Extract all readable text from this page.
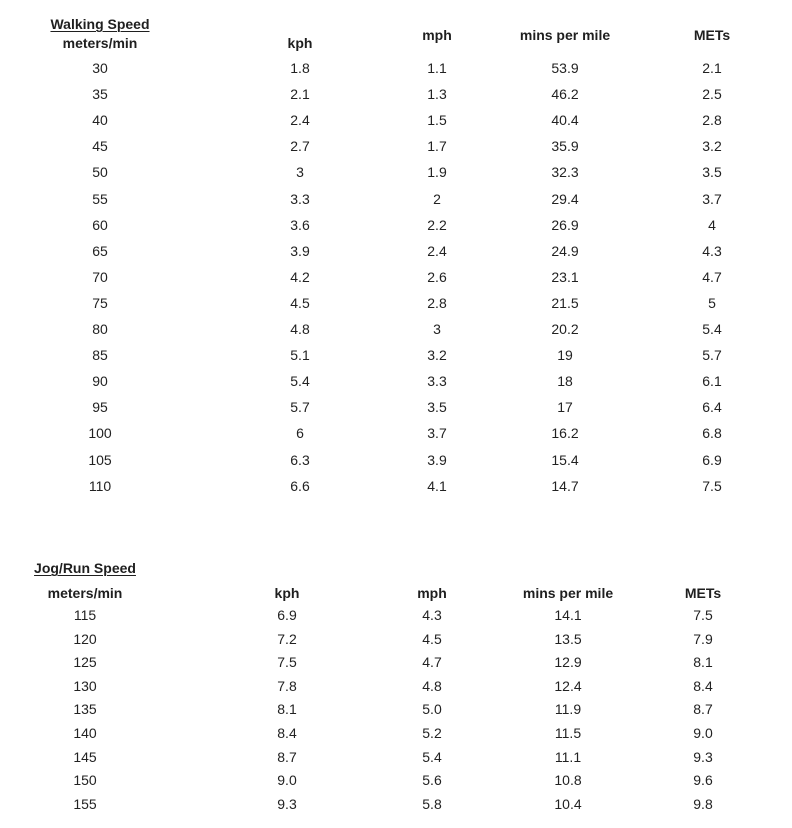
Walking Speed
meters/min	kph	mph	mins per mile	METs
30	1.8	1.1	53.9	2.1
35	2.1	1.3	46.2	2.5
40	2.4	1.5	40.4	2.8
45	2.7	1.7	35.9	3.2
50	3	1.9	32.3	3.5
55	3.3	2	29.4	3.7
60	3.6	2.2	26.9	4
65	3.9	2.4	24.9	4.3
70	4.2	2.6	23.1	4.7
75	4.5	2.8	21.5	5
80	4.8	3	20.2	5.4
85	5.1	3.2	19	5.7
90	5.4	3.3	18	6.1
95	5.7	3.5	17	6.4
100	6	3.7	16.2	6.8
105	6.3	3.9	15.4	6.9
110	6.6	4.1	14.7	7.5
Jog/Run Speed
meters/min	kph	mph	mins per mile	METs
115	6.9	4.3	14.1	7.5
120	7.2	4.5	13.5	7.9
125	7.5	4.7	12.9	8.1
130	7.8	4.8	12.4	8.4
135	8.1	5.0	11.9	8.7
140	8.4	5.2	11.5	9.0
145	8.7	5.4	11.1	9.3
150	9.0	5.6	10.8	9.6
155	9.3	5.8	10.4	9.8
